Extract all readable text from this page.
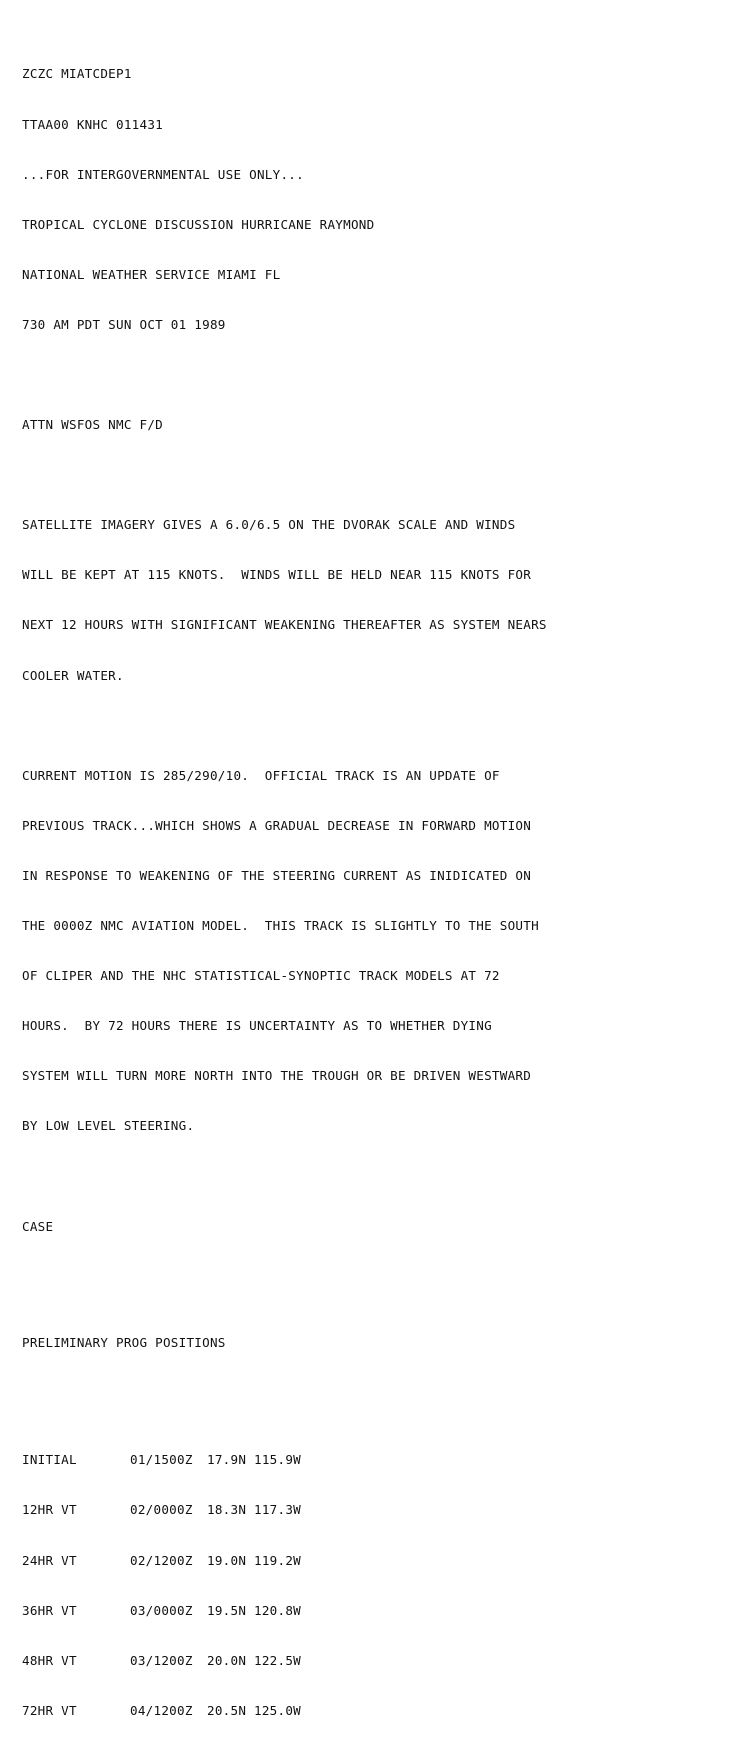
ZCZC MIATCDEP1

TTAA00 KNHC 011431

...FOR INTERGOVERNMENTAL USE ONLY...

TROPICAL CYCLONE DISCUSSION HURRICANE RAYMOND

NATIONAL WEATHER SERVICE MIAMI FL

730 AM PDT SUN OCT 01 1989

ATTN WSFOS NMC F/D

SATELLITE IMAGERY GIVES A 6.0/6.5 ON THE DVORAK SCALE AND WINDS

WILL BE KEPT AT 115 KNOTS.  WINDS WILL BE HELD NEAR 115 KNOTS FOR

NEXT 12 HOURS WITH SIGNIFICANT WEAKENING THEREAFTER AS SYSTEM NEARS

COOLER WATER.

CURRENT MOTION IS 285/290/10.  OFFICIAL TRACK IS AN UPDATE OF

PREVIOUS TRACK...WHICH SHOWS A GRADUAL DECREASE IN FORWARD MOTION

IN RESPONSE TO WEAKENING OF THE STEERING CURRENT AS INIDICATED ON

THE 0000Z NMC AVIATION MODEL.  THIS TRACK IS SLIGHTLY TO THE SOUTH

OF CLIPER AND THE NHC STATISTICAL-SYNOPTIC TRACK MODELS AT 72

HOURS.  BY 72 HOURS THERE IS UNCERTAINTY AS TO WHETHER DYING

SYSTEM WILL TURN MORE NORTH INTO THE TROUGH OR BE DRIVEN WESTWARD

BY LOW LEVEL STEERING.

CASE

PRELIMINARY PROG POSITIONS

INITIAL	01/1500Z 17.9N 115.9W

12HR VT	02/0000Z 18.3N 117.3W

24HR VT	02/1200Z 19.0N 119.2W

36HR VT	03/0000Z 19.5N 120.8W

48HR VT	03/1200Z 20.0N 122.5W

72HR VT	04/1200Z 20.5N 125.0W
